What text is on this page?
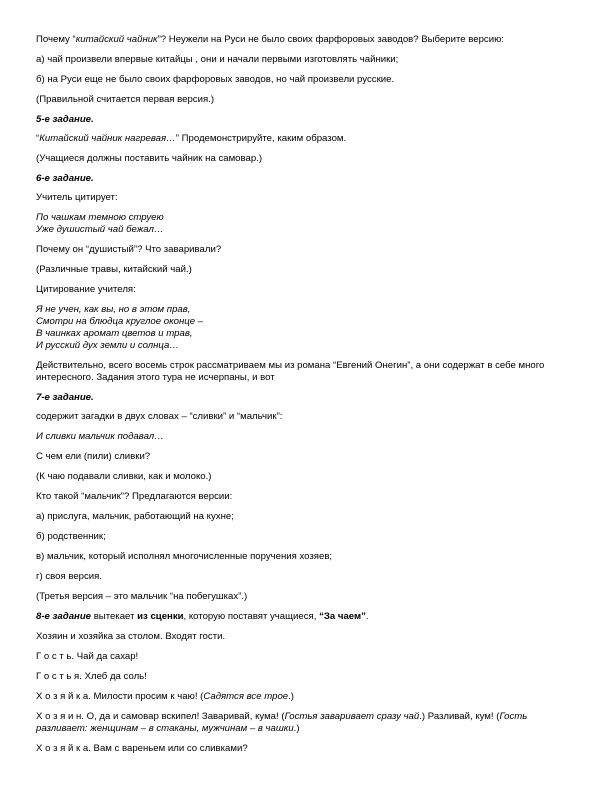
Почему “китайский чайник”? Неужели на Руси не было своих фарфоровых заводов? Выберите версию:

а) чай произвели впервые китайцы , они и начали первыми изготовлять чайники;

б) на Руси еще не было своих фарфоровых заводов, но чай произвели русские.

(Правильной считается первая версия.)

5-е задание.

“Китайский чайник нагревая…” Продемонстрируйте, каким образом.

(Учащиеся должны поставить чайник на самовар.)

6-е задание.

Учитель цитирует:

По чашкам темною струею
Уже душистый чай бежал…

Почему он “душистый”? Что заваривали?

(Различные травы, китайский чай.)

Цитирование учителя:

Я не учен, как вы, но в этом прав,
Смотри на блюдца круглое оконце –
В чаинках аромат цветов и трав,
И русский дух земли и солнца…

Действительно, всего восемь строк рассматриваем мы из романа “Евгений Онегин”, а они содержат в себе много интересного. Задания этого тура не исчерпаны, и вот

7-е задание.

содержит загадки в двух словах – “сливки” и “мальчик”:

И сливки мальчик подавал…

С чем ели (пили) сливки?

(К чаю подавали сливки, как и молоко.)

Кто такой “мальчик”? Предлагаются версии:

а) прислуга, мальчик, работающий на кухне;

б) родственник;

в) мальчик, который исполнял многочисленные поручения хозяев;

г) своя версия.

(Третья версия – это мальчик “на побегушках”.)

8-е задание вытекает из сценки, которую поставят учащиеся, “За чаем”.

Хозяин и хозяйка за столом. Входят гости.

Г о с т ь. Чай да сахар!

Г о с т ь я. Хлеб да соль!

Х о з я й к а. Милости просим к чаю! (Садятся все трое.)

Х о з я и н. О, да и самовар вскипел! Заваривай, кума! (Гостья заваривает сразу чай.) Разливай, кум! (Гость разливает: женщинам – в стаканы, мужчинам – в чашки.)

Х о з я й к а. Вам с вареньем или со сливками?
